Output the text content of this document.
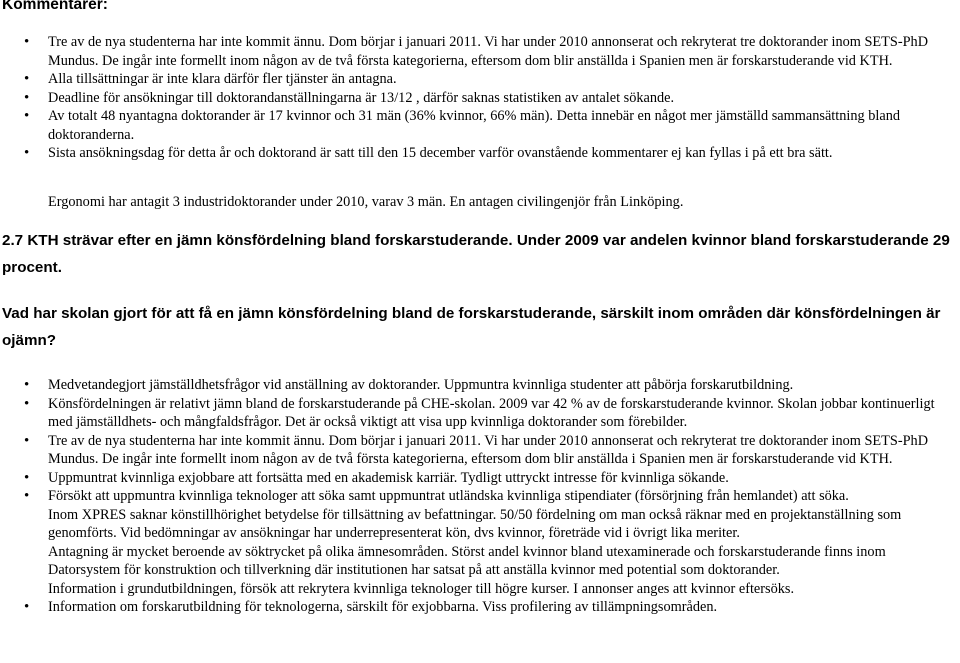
Kommentarer:

• Tre av de nya studenterna har inte kommit ännu. Dom börjar i januari 2011. Vi har under 2010 annonserat och rekryterat tre doktorander inom SETS-PhD Mundus. De ingår inte formellt inom någon av de två första kategorierna, eftersom dom blir anställda i Spanien men är forskarstuderande vid KTH.

• Alla tillsättningar är inte klara därför fler tjänster än antagna.

• Deadline för ansökningar till doktorandanställningarna är 13/12 , därför saknas statistiken av antalet sökande.

• Av totalt 48 nyantagna doktorander är 17 kvinnor och 31 män (36% kvinnor, 66% män). Detta innebär en något mer jämställd sammansättning bland doktoranderna.

• Sista ansökningsdag för detta år och doktorand är satt till den 15 december varför ovanstående kommentarer ej kan fyllas i på ett bra sätt.

Ergonomi har antagit 3 industridoktorander under 2010, varav 3 män. En antagen civilingenjör från Linköping.

2.7 KTH strävar efter en jämn könsfördelning bland forskarstuderande. Under 2009 var andelen kvinnor bland forskarstuderande 29 procent.
Vad har skolan gjort för att få en jämn könsfördelning bland de forskarstuderande, särskilt inom områden där könsfördelningen är ojämn?

• Medvetandegjort jämställdhetsfrågor vid anställning av doktorander. Uppmuntra kvinnliga studenter att påbörja forskarutbildning.

• Könsfördelningen är relativt jämn bland de forskarstuderande på CHE-skolan. 2009 var 42 % av de forskarstuderande kvinnor. Skolan jobbar kontinuerligt med jämställdhets- och mångfaldsfrågor. Det är också viktigt att visa upp kvinnliga doktorander som förebilder.

• Tre av de nya studenterna har inte kommit ännu. Dom börjar i januari 2011. Vi har under 2010 annonserat och rekryterat tre doktorander inom SETS-PhD Mundus. De ingår inte formellt inom någon av de två första kategorierna, eftersom dom blir anställda i Spanien men är forskarstuderande vid KTH.

• Uppmuntrat kvinnliga exjobbare att fortsätta med en akademisk karriär. Tydligt uttryckt intresse för kvinnliga sökande.

• Försökt att uppmuntra kvinnliga teknologer att söka samt uppmuntrat utländska kvinnliga stipendiater (försörjning från hemlandet) att söka.

Inom XPRES saknar könstillhörighet betydelse för tillsättning av befattningar. 50/50 fördelning om man också räknar med en projektanställning som genomförts. Vid bedömningar av ansökningar har underrepresenterat kön, dvs kvinnor, företräde vid i övrigt lika meriter.

Antagning är mycket beroende av söktrycket på olika ämnesområden. Störst andel kvinnor bland utexaminerade och forskarstuderande finns inom Datorsystem för konstruktion och tillverkning där institutionen har satsat på att anställa kvinnor med potential som doktorander.

Information i grundutbildningen, försök att rekrytera kvinnliga teknologer till högre kurser. I annonser anges att kvinnor eftersöks.

• Information om forskarutbildning för teknologerna, särskilt för exjobbarna. Viss profilering av tillämpningsområden.
